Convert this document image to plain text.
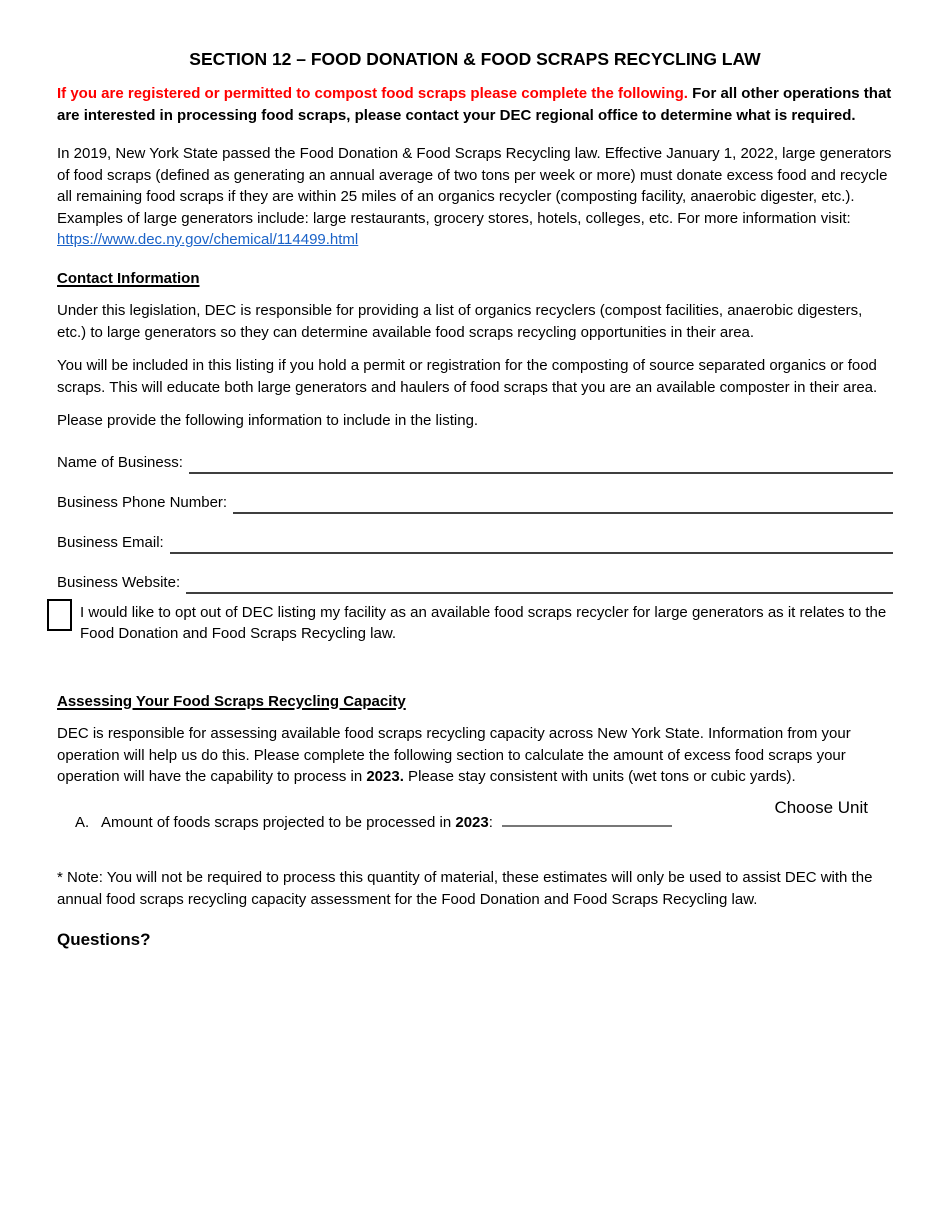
SECTION 12 – FOOD DONATION & FOOD SCRAPS RECYCLING LAW

If you are registered or permitted to compost food scraps please complete the following. For all other operations that are interested in processing food scraps, please contact your DEC regional office to determine what is required.

In 2019, New York State passed the Food Donation & Food Scraps Recycling law. Effective January 1, 2022, large generators of food scraps (defined as generating an annual average of two tons per week or more) must donate excess food and recycle all remaining food scraps if they are within 25 miles of an organics recycler (composting facility, anaerobic digester, etc.). Examples of large generators include: large restaurants, grocery stores, hotels, colleges, etc. For more information visit: https://www.dec.ny.gov/chemical/114499.html

Contact Information

Under this legislation, DEC is responsible for providing a list of organics recyclers (compost facilities, anaerobic digesters, etc.) to large generators so they can determine available food scraps recycling opportunities in their area.

You will be included in this listing if you hold a permit or registration for the composting of source separated organics or food scraps. This will educate both large generators and haulers of food scraps that you are an available composter in their area.

Please provide the following information to include in the listing.

Name of Business:
Business Phone Number:
Business Email:
Business Website:

I would like to opt out of DEC listing my facility as an available food scraps recycler for large generators as it relates to the Food Donation and Food Scraps Recycling law.

Assessing Your Food Scraps Recycling Capacity

DEC is responsible for assessing available food scraps recycling capacity across New York State. Information from your operation will help us do this. Please complete the following section to calculate the amount of excess food scraps your operation will have the capability to process in 2023. Please stay consistent with units (wet tons or cubic yards).

A. Amount of foods scraps projected to be processed in 2023:
Choose Unit

* Note: You will not be required to process this quantity of material, these estimates will only be used to assist DEC with the annual food scraps recycling capacity assessment for the Food Donation and Food Scraps Recycling law.

Questions?
